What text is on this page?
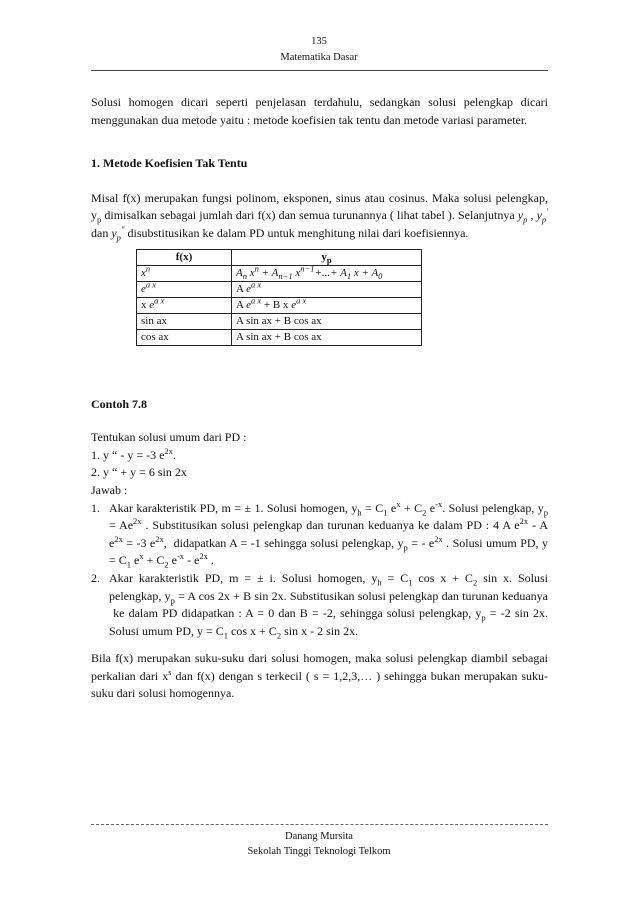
135
Matematika Dasar

Solusi homogen dicari seperti penjelasan terdahulu, sedangkan solusi pelengkap dicari menggunakan dua metode yaitu : metode koefisien tak tentu dan metode variasi parameter.

1. Metode Koefisien Tak Tentu

Misal f(x) merupakan fungsi polinom, eksponen, sinus atau cosinus. Maka solusi pelengkap, $y_p$ dimisalkan sebagai jumlah dari f(x) dan semua turunannya ( lihat tabel ). Selanjutnya $y_p$ , $y_p'$ dan $y_p^"$ disubstitusikan ke dalam PD untuk menghitung nilai dari koefisiennya.

f(x)	$y_p$
$x^n$	$A_n$ $x^n + A_{n-1}$ $x^{n-1}+...+ A_1$ $x + A_0$
$e^{a x}$	A $e^{a x}$
x $e^{a x}$	A $e^{a x} + B$ x $e^{a x}$
sin ax	A sin ax + B cos ax
cos ax	A sin ax + B cos ax

Contoh 7.8

Tentukan solusi umum dari PD :

1. y “ - y = -3 $e^{2x}$.

2. y “ + y = 6 sin 2x

Jawab :

1. Akar karakteristik PD, m = ± 1. Solusi homogen, $y_h = C_1$ $e^x + C_2$ $e^{-x}$. Solusi pelengkap, $y_p = Ae^{2x}$ . Substitusikan solusi pelengkap dan turunan keduanya ke dalam PD : 4 A $e^{2x}$ - A $e^{2x} = -3$ $e^{2x}$,  didapatkan A = -1 sehingga solusi pelengkap, $y_p$ = - $e^{2x}$ . Solusi umum PD, $y = C_1$ $e^x + C_2$ $e^{-x} - e^{2x}$ .
2. Akar karakteristik PD, m = ± i. Solusi homogen, $y_h = C_1$ $\cos x + C_2$ sin x. Solusi pelengkap, $y_p = A$ cos 2x + B sin 2x. Substitusikan solusi pelengkap dan turunan keduanya  ke dalam PD didapatkan : A = 0 dan B = -2, sehingga solusi pelengkap, $y_p = -2$ sin 2x. Solusi umum PD, $y = C_1$ $\cos x + C_2$ sin x - 2 sin 2x.

Bila f(x) merupakan suku-suku dari solusi homogen, maka solusi pelengkap diambil sebagai perkalian dari $x^s$ dan f(x) dengan s terkecil ( s = 1,2,3,… ) sehingga bukan merupakan suku-suku dari solusi homogennya.

Danang Mursita
Sekolah Tinggi Teknologi Telkom
